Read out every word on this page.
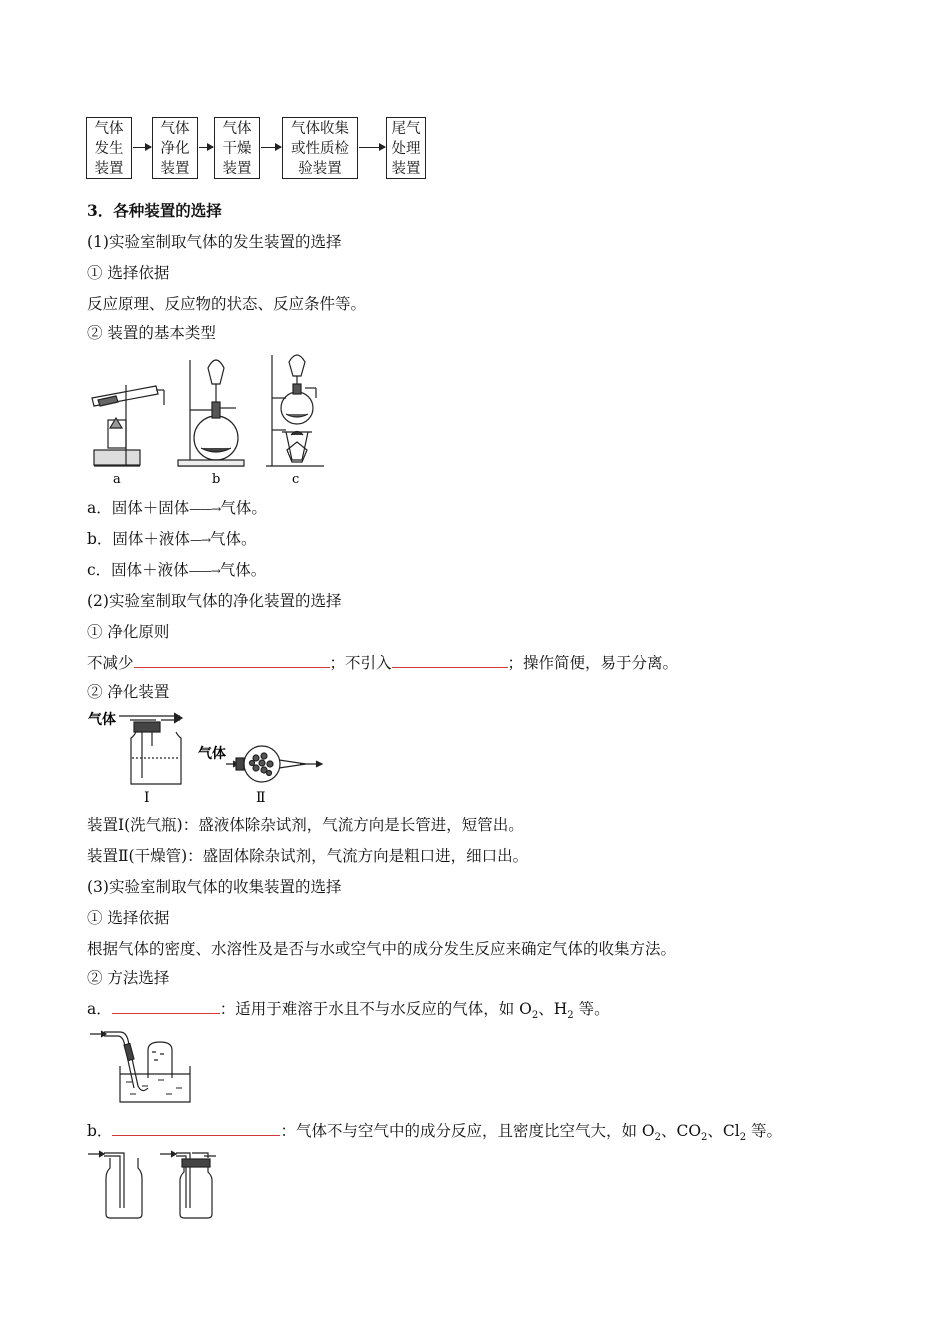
气体
发生
装置
气体
净化
装置
气体
干燥
装置
气体收集
或性质检
验装置
尾气
处理
装置
3．各种装置的选择
(1)实验室制取气体的发生装置的选择
① 选择依据
反应原理、反应物的状态、反应条件等。
② 装置的基本类型
a	b	c
a．固体＋固体——→气体。
b．固体＋液体—→气体。
c．固体＋液体——→气体。
(2)实验室制取气体的净化装置的选择
① 净化原则
不减少	；不引入	；操作简便，易于分离。
② 净化装置
气体
气体
Ⅰ	Ⅱ
装置Ⅰ(洗气瓶)：盛液体除杂试剂，气流方向是长管进，短管出。
装置Ⅱ(干燥管)：盛固体除杂试剂，气流方向是粗口进，细口出。
(3)实验室制取气体的收集装置的选择
① 选择依据
根据气体的密度、水溶性及是否与水或空气中的成分发生反应来确定气体的收集方法。
② 方法选择
a．	：适用于难溶于水且不与水反应的气体，如 $O_2$、$H_2$ 等。
b．	：气体不与空气中的成分反应，且密度比空气大，如 $O_2$、$CO_2$、$Cl_2$ 等。
